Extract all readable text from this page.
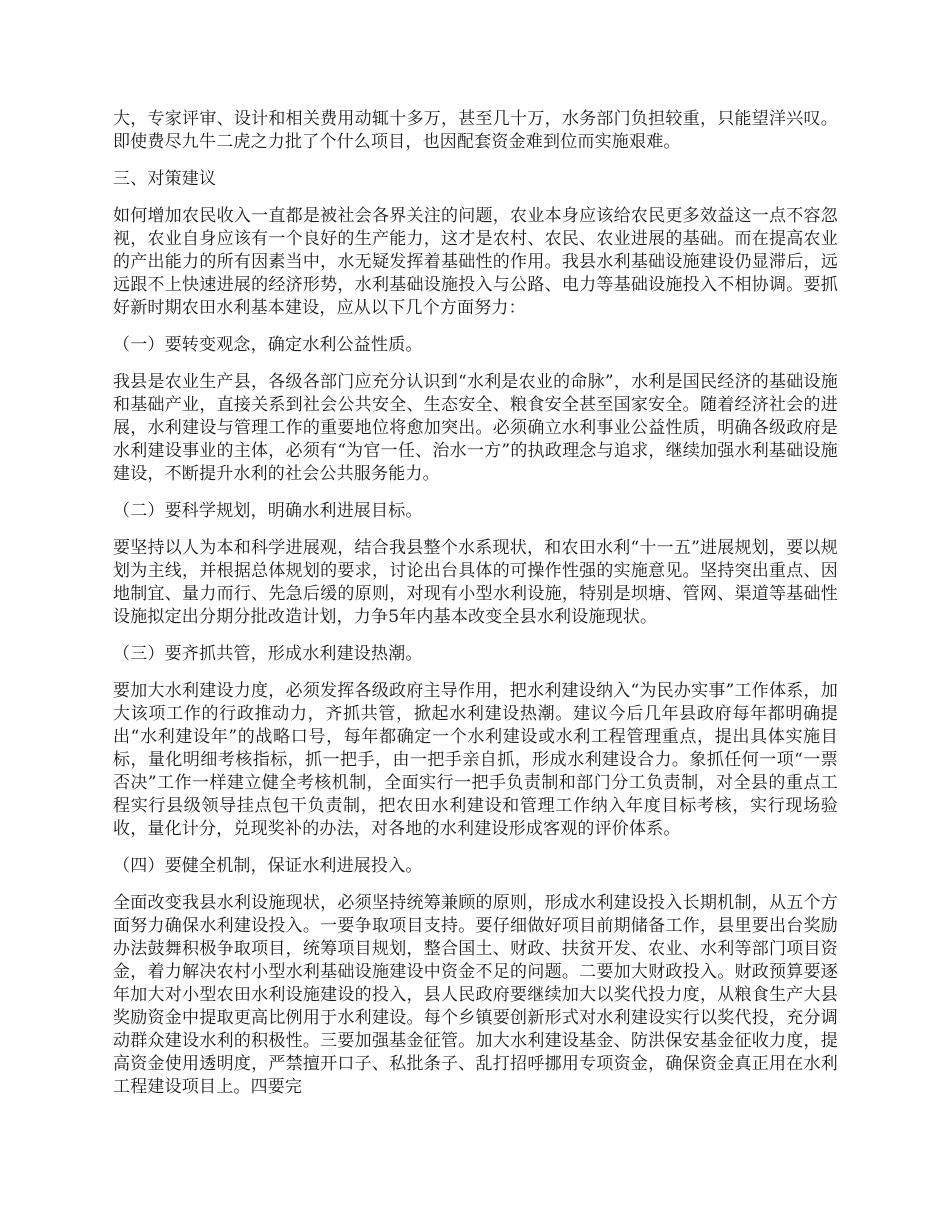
大，专家评审、设计和相关费用动辄十多万，甚至几十万，水务部门负担较重，只能望洋兴叹。即使费尽九牛二虎之力批了个什么项目，也因配套资金难到位而实施艰难。

三、对策建议

如何增加农民收入一直都是被社会各界关注的问题，农业本身应该给农民更多效益这一点不容忽视，农业自身应该有一个良好的生产能力，这才是农村、农民、农业进展的基础。而在提高农业的产出能力的所有因素当中，水无疑发挥着基础性的作用。我县水利基础设施建设仍显滞后，远远跟不上快速进展的经济形势，水利基础设施投入与公路、电力等基础设施投入不相协调。要抓好新时期农田水利基本建设，应从以下几个方面努力：

（一）要转变观念，确定水利公益性质。

我县是农业生产县，各级各部门应充分认识到“水利是农业的命脉”，水利是国民经济的基础设施和基础产业，直接关系到社会公共安全、生态安全、粮食安全甚至国家安全。随着经济社会的进展，水利建设与管理工作的重要地位将愈加突出。必须确立水利事业公益性质，明确各级政府是水利建设事业的主体，必须有“为官一任、治水一方”的执政理念与追求，继续加强水利基础设施建设，不断提升水利的社会公共服务能力。

（二）要科学规划，明确水利进展目标。

要坚持以人为本和科学进展观，结合我县整个水系现状，和农田水利“十一五”进展规划，要以规划为主线，并根据总体规划的要求，讨论出台具体的可操作性强的实施意见。坚持突出重点、因地制宜、量力而行、先急后缓的原则，对现有小型水利设施，特别是坝塘、管网、渠道等基础性设施拟定出分期分批改造计划，力争5年内基本改变全县水利设施现状。

（三）要齐抓共管，形成水利建设热潮。

要加大水利建设力度，必须发挥各级政府主导作用，把水利建设纳入“为民办实事”工作体系，加大该项工作的行政推动力，齐抓共管，掀起水利建设热潮。建议今后几年县政府每年都明确提出“水利建设年”的战略口号，每年都确定一个水利建设或水利工程管理重点，提出具体实施目标，量化明细考核指标，抓一把手，由一把手亲自抓，形成水利建设合力。象抓任何一项“一票否决”工作一样建立健全考核机制，全面实行一把手负责制和部门分工负责制，对全县的重点工程实行县级领导挂点包干负责制，把农田水利建设和管理工作纳入年度目标考核，实行现场验收，量化计分，兑现奖补的办法，对各地的水利建设形成客观的评价体系。

（四）要健全机制，保证水利进展投入。

全面改变我县水利设施现状，必须坚持统筹兼顾的原则，形成水利建设投入长期机制，从五个方面努力确保水利建设投入。一要争取项目支持。要仔细做好项目前期储备工作，县里要出台奖励办法鼓舞积极争取项目，统筹项目规划，整合国土、财政、扶贫开发、农业、水利等部门项目资金，着力解决农村小型水利基础设施建设中资金不足的问题。二要加大财政投入。财政预算要逐年加大对小型农田水利设施建设的投入，县人民政府要继续加大以奖代投力度，从粮食生产大县奖励资金中提取更高比例用于水利建设。每个乡镇要创新形式对水利建设实行以奖代投，充分调动群众建设水利的积极性。三要加强基金征管。加大水利建设基金、防洪保安基金征收力度，提高资金使用透明度，严禁擅开口子、私批条子、乱打招呼挪用专项资金，确保资金真正用在水利工程建设项目上。四要完
